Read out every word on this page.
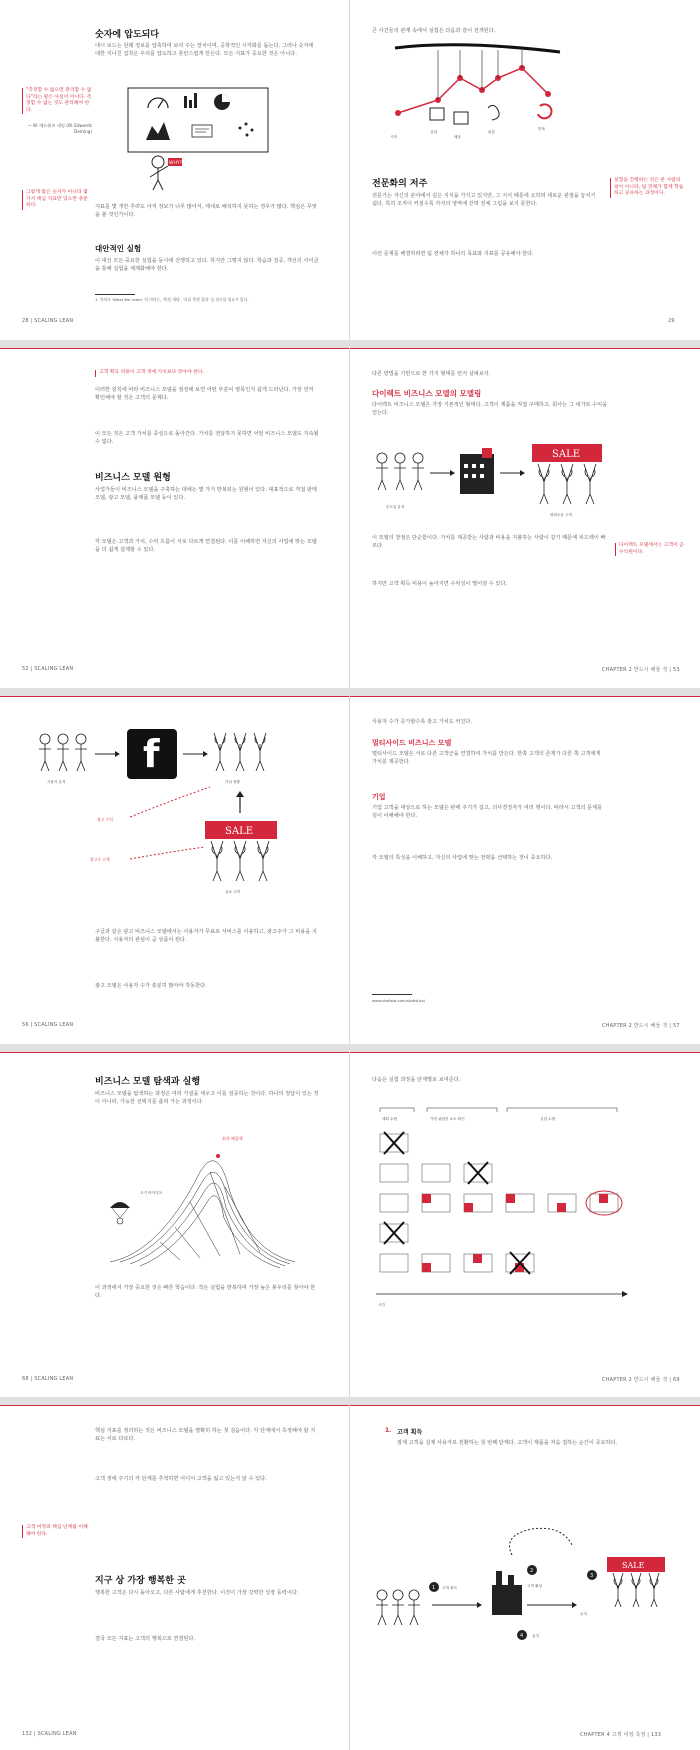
숫자에 압도되다
대시 보드는 원래 정보를 압축하여 보여 주는 장치이며, 공학적인 시각화를 돕는다. 그러나 숫자에 대한 지나친 집착은 우리를 압도하고 혼란스럽게 만든다. 모든 지표가 중요한 것은 아니다.
"측정할 수 없으면 관리할 수 없다"라는 말은 사실이 아니다. 측정할 수 없는 것도 관리해야 한다.
— W. 에드워즈 데밍 (W. Edwards Deming)
WHY?
그렇게 많은 숫자가 아니라 몇 가지 핵심 지표만 있으면 충분하다.	지표를 몇 개만 추려도 아직 정보가 너무 많아서, 제대로 해석하지 못하는 경우가 많다. 핵심은 무엇을 볼 것인가이다.
대안적인 실험
이 대신 모든 중요한 실험을 동시에 진행하고 있다. 하지만 그렇지 않다. 학습과 검증, 개선의 사이클을 통해 실험을 체계화해야 한다.
1. 마이크 'What We Learn' 의 의미는, '측정 개념', '지표 측정 결과' 를 참고할 필요가 있다.
28 | SCALING LEAN
큰 사건들의 관계 속에서 실험은 다음과 같이 전개된다.
시작
실험
배움
피봇
반복
전문화의 저주	실험을 진행하는 것은 한 사람의 일이 아니라, 팀 전체가 함께 학습하고 공유하는 과정이다.
전문가는 자신의 분야에서 깊은 지식을 가지고 있지만, 그 지식 때문에 오히려 새로운 관점을 놓치기 쉽다. 특히 조직이 커질수록 각자의 영역에 갇혀 전체 그림을 보지 못한다.
이런 문제를 해결하려면 팀 전체가 하나의 목표와 지표를 공유해야 한다.
29
고객 획득 비용이 고객 생애 가치보다 작아야 한다.
이러한 원칙에 따라 비즈니스 모델을 점검해 보면 어떤 부분이 병목인지 쉽게 드러난다. 가장 먼저 확인해야 할 것은 고객의 문제다.
이 모든 것은 고객 가치를 중심으로 돌아간다. 가치를 전달하지 못하면 어떤 비즈니스 모델도 지속될 수 없다.
비즈니스 모델 원형
사업가들이 비즈니스 모델을 구축하는 데에는 몇 가지 반복되는 원형이 있다. 대표적으로 직접 판매 모델, 광고 모델, 플랫폼 모델 등이 있다.
각 모델은 고객과 가치, 수익 흐름이 서로 다르게 연결된다. 이를 이해하면 자신의 사업에 맞는 모델을 더 쉽게 설계할 수 있다.
52 | SCALING LEAN
다른 방법을 기반으로 한 가지 형태를 먼저 살펴보자.
다이렉트 비즈니스 모델의 모델링
다이렉트 비즈니스 모델은 가장 기본적인 형태다. 고객이 제품을 직접 구매하고, 회사는 그 대가로 수익을 얻는다.
SALE
부트업 유저
평화로운 고객
다이렉트 모델에서는 고객이 곧 수익원이다.
이 모델의 장점은 단순함이다. 가치를 제공받는 사람과 비용을 지불하는 사람이 같기 때문에 피드백이 빠르다.
하지만 고객 획득 비용이 높아지면 수익성이 떨어질 수 있다.
CHAPTER 2 반드시 해둘 것 | 53
사용자 유저
f
가치 창출
광고 수익
광고주 고객
SALE
유료 고객
구글과 같은 광고 비즈니스 모델에서는 사용자가 무료로 서비스를 이용하고, 광고주가 그 비용을 지불한다. 사용자의 관심이 곧 상품이 된다.
광고 모델은 사용자 수가 충분히 많아야 작동한다.
56 | SCALING LEAN
사용자 수가 증가할수록 광고 가치도 커진다.
멀티사이드 비즈니스 모델
멀티사이드 모델은 서로 다른 고객군을 연결하여 가치를 만든다. 한쪽 고객의 존재가 다른 쪽 고객에게 가치를 제공한다.
기업
기업 고객을 대상으로 하는 모델은 판매 주기가 길고, 의사결정자가 여러 명이다. 따라서 고객의 문제를 깊이 이해해야 한다.
각 모델의 특성을 이해하고, 자신의 사업에 맞는 전략을 선택하는 것이 중요하다.
www.statista.com/statistics/
CHAPTER 2 반드시 해둘 것 | 57
비즈니스 모델 탐색과 실행
비즈니스 모델을 탐색하는 과정은 여러 가설을 세우고 이를 검증하는 것이다. 하나의 정답이 있는 것이 아니라, 가능한 선택지를 좁혀 가는 과정이다.
최적 해결책
초기 아이디어
이 과정에서 가장 중요한 것은 빠른 학습이다. 작은 실험을 반복하며 가장 높은 봉우리를 찾아야 한다.
68 | SCALING LEAN
다음은 실험 과정을 단계별로 보여준다.
계획 수립	가장 위험한 요소 확인	실험 수행
시간
CHAPTER 2 반드시 해둘 것 | 69
핵심 지표를 정의하는 것은 비즈니스 모델을 명확히 하는 첫 걸음이다. 각 단계에서 측정해야 할 지표는 서로 다르다.
고객 여정의 핵심 단계를 이해해야 한다.
고객 생애 주기의 각 단계를 추적하면 어디서 고객을 잃고 있는지 알 수 있다.
지구 상 가장 행복한 곳
행복한 고객은 다시 돌아오고, 다른 사람에게 추천한다. 이것이 가장 강력한 성장 동력이다.
결국 모든 지표는 고객의 행복으로 연결된다.
132 | SCALING LEAN
1. 고객 획득
잠재 고객을 실제 사용자로 전환하는 첫 번째 단계다. 고객이 제품을 처음 접하는 순간이 중요하다.
1 고객 획득
2
고객 활성
3
수익
4 유지
SALE
CHAPTER 4 고객 여정 측정 | 133
